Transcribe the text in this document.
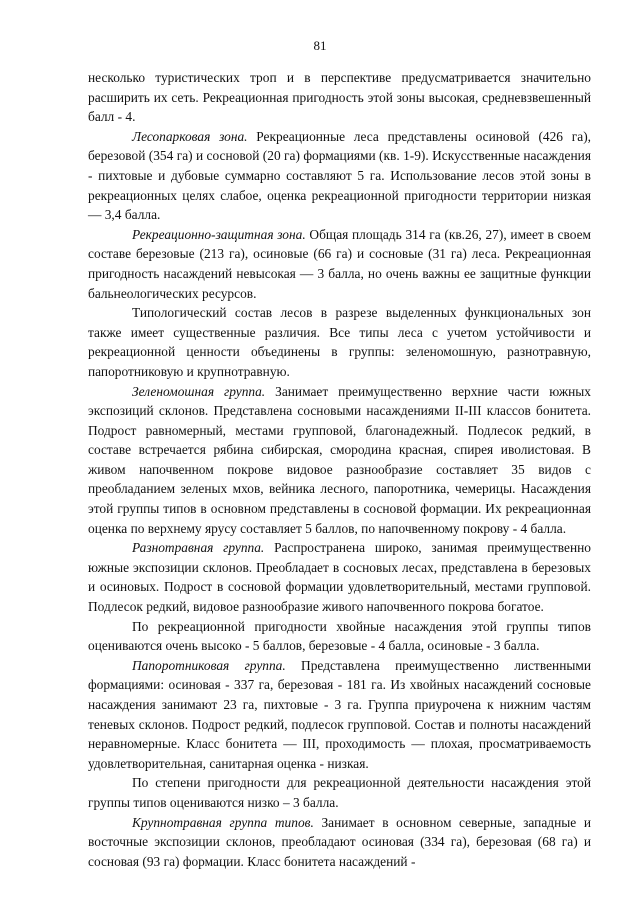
81

несколько туристических троп и в перспективе предусматривается значительно расширить их сеть. Рекреационная пригодность этой зоны высокая, средневзвешенный балл - 4.

Лесопарковая зона. Рекреационные леса представлены осиновой (426 га), березовой (354 га) и сосновой (20 га) формациями (кв. 1-9). Искусственные насаждения - пихтовые и дубовые суммарно составляют 5 га. Использование лесов этой зоны в рекреационных целях слабое, оценка рекреационной пригодности территории низкая — 3,4 балла.

Рекреационно-защитная зона. Общая площадь 314 га (кв.26, 27), имеет в своем составе березовые (213 га), осиновые (66 га) и сосновые (31 га) леса. Рекреационная пригодность насаждений невысокая — 3 балла, но очень важны ее защитные функции бальнеологических ресурсов.

Типологический состав лесов в разрезе выделенных функциональных зон также имеет существенные различия. Все типы леса с учетом устойчивости и рекреационной ценности объединены в группы: зеленомошную, разнотравную, папоротниковую и крупнотравную.

Зеленомошная группа. Занимает преимущественно верхние части южных экспозиций склонов. Представлена сосновыми насаждениями II-III классов бонитета. Подрост равномерный, местами групповой, благонадежный. Подлесок редкий, в составе встречается рябина сибирская, смородина красная, спирея иволистовая. В живом напочвенном покрове видовое разнообразие составляет 35 видов с преобладанием зеленых мхов, вейника лесного, папоротника, чемерицы. Насаждения этой группы типов в основном представлены в сосновой формации. Их рекреационная оценка по верхнему ярусу составляет 5 баллов, по напочвенному покрову - 4 балла.

Разнотравная группа. Распространена широко, занимая преимущественно южные экспозиции склонов. Преобладает в сосновых лесах, представлена в березовых и осиновых. Подрост в сосновой формации удовлетворительный, местами групповой. Подлесок редкий, видовое разнообразие живого напочвенного покрова богатое.

По рекреационной пригодности хвойные насаждения этой группы типов оцениваются очень высоко - 5 баллов, березовые - 4 балла, осиновые - 3 балла.

Папоротниковая группа. Представлена преимущественно лиственными формациями: осиновая - 337 га, березовая - 181 га. Из хвойных насаждений сосновые насаждения занимают 23 га, пихтовые - 3 га. Группа приурочена к нижним частям теневых склонов. Подрост редкий, подлесок групповой. Состав и полноты насаждений неравномерные. Класс бонитета — III, проходимость — плохая, просматриваемость удовлетворительная, санитарная оценка - низкая.

По степени пригодности для рекреационной деятельности насаждения этой группы типов оцениваются низко – 3 балла.

Крупнотравная группа типов. Занимает в основном северные, западные и восточные экспозиции склонов, преобладают осиновая (334 га), березовая (68 га) и сосновая (93 га) формации. Класс бонитета насаждений -
